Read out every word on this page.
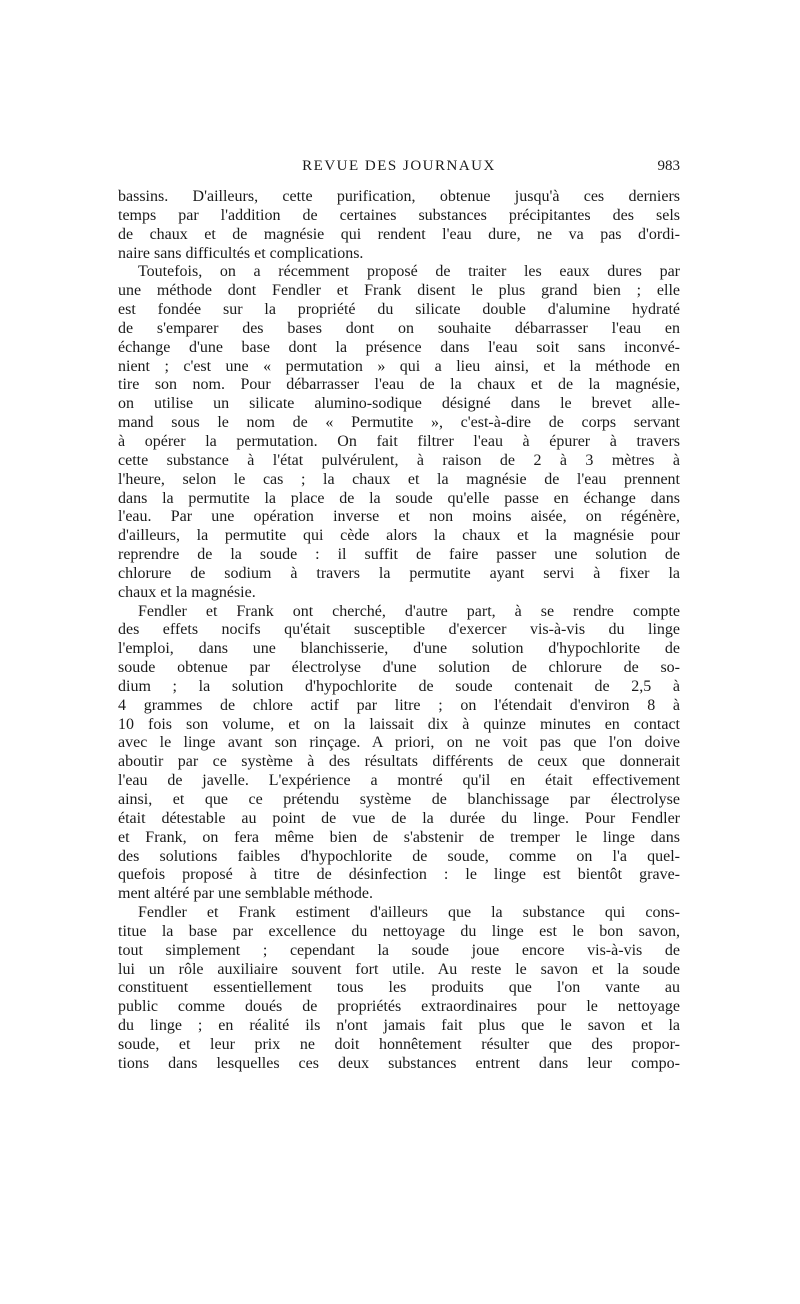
REVUE DES JOURNAUX	983
bassins. D'ailleurs, cette purification, obtenue jusqu'à ces derniers
temps par l'addition de certaines substances précipitantes des sels
de chaux et de magnésie qui rendent l'eau dure, ne va pas d'ordi-
naire sans difficultés et complications.
Toutefois, on a récemment proposé de traiter les eaux dures par
une méthode dont Fendler et Frank disent le plus grand bien ; elle
est fondée sur la propriété du silicate double d'alumine hydraté
de s'emparer des bases dont on souhaite débarrasser l'eau en
échange d'une base dont la présence dans l'eau soit sans inconvé-
nient ; c'est une « permutation » qui a lieu ainsi, et la méthode en
tire son nom. Pour débarrasser l'eau de la chaux et de la magnésie,
on utilise un silicate alumino-sodique désigné dans le brevet alle-
mand sous le nom de « Permutite », c'est-à-dire de corps servant
à opérer la permutation. On fait filtrer l'eau à épurer à travers
cette substance à l'état pulvérulent, à raison de 2 à 3 mètres à
l'heure, selon le cas ; la chaux et la magnésie de l'eau prennent
dans la permutite la place de la soude qu'elle passe en échange dans
l'eau. Par une opération inverse et non moins aisée, on régénère,
d'ailleurs, la permutite qui cède alors la chaux et la magnésie pour
reprendre de la soude : il suffit de faire passer une solution de
chlorure de sodium à travers la permutite ayant servi à fixer la
chaux et la magnésie.
Fendler et Frank ont cherché, d'autre part, à se rendre compte
des effets nocifs qu'était susceptible d'exercer vis-à-vis du linge
l'emploi, dans une blanchisserie, d'une solution d'hypochlorite de
soude obtenue par électrolyse d'une solution de chlorure de so-
dium ; la solution d'hypochlorite de soude contenait de 2,5 à
4 grammes de chlore actif par litre ; on l'étendait d'environ 8 à
10 fois son volume, et on la laissait dix à quinze minutes en contact
avec le linge avant son rinçage. A priori, on ne voit pas que l'on doive
aboutir par ce système à des résultats différents de ceux que donnerait
l'eau de javelle. L'expérience a montré qu'il en était effectivement
ainsi, et que ce prétendu système de blanchissage par électrolyse
était détestable au point de vue de la durée du linge. Pour Fendler
et Frank, on fera même bien de s'abstenir de tremper le linge dans
des solutions faibles d'hypochlorite de soude, comme on l'a quel-
quefois proposé à titre de désinfection : le linge est bientôt grave-
ment altéré par une semblable méthode.
Fendler et Frank estiment d'ailleurs que la substance qui cons-
titue la base par excellence du nettoyage du linge est le bon savon,
tout simplement ; cependant la soude joue encore vis-à-vis de
lui un rôle auxiliaire souvent fort utile. Au reste le savon et la soude
constituent essentiellement tous les produits que l'on vante au
public comme doués de propriétés extraordinaires pour le nettoyage
du linge ; en réalité ils n'ont jamais fait plus que le savon et la
soude, et leur prix ne doit honnêtement résulter que des propor-
tions dans lesquelles ces deux substances entrent dans leur compo-
